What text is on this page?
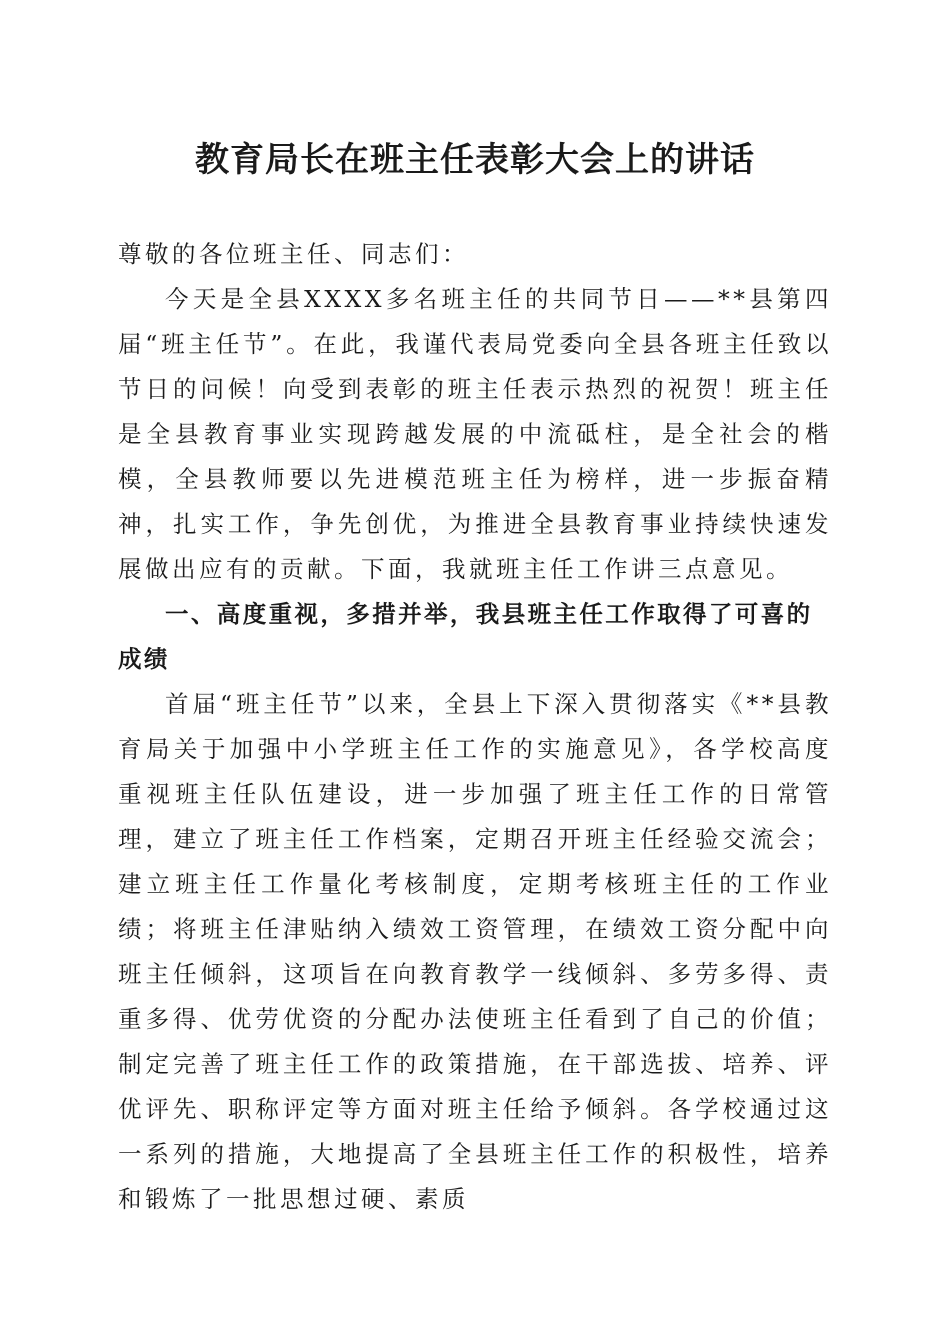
教育局长在班主任表彰大会上的讲话

尊敬的各位班主任、同志们：

今天是全县XXXX多名班主任的共同节日——**县第四届“班主任节”。在此，我谨代表局党委向全县各班主任致以节日的问候！向受到表彰的班主任表示热烈的祝贺！班主任是全县教育事业实现跨越发展的中流砥柱，是全社会的楷模，全县教师要以先进模范班主任为榜样，进一步振奋精神，扎实工作，争先创优，为推进全县教育事业持续快速发展做出应有的贡献。下面，我就班主任工作讲三点意见。

一、高度重视，多措并举，我县班主任工作取得了可喜的成绩

首届“班主任节”以来，全县上下深入贯彻落实《**县教育局关于加强中小学班主任工作的实施意见》，各学校高度重视班主任队伍建设，进一步加强了班主任工作的日常管理，建立了班主任工作档案，定期召开班主任经验交流会；建立班主任工作量化考核制度，定期考核班主任的工作业绩；将班主任津贴纳入绩效工资管理，在绩效工资分配中向班主任倾斜，这项旨在向教育教学一线倾斜、多劳多得、责重多得、优劳优资的分配办法使班主任看到了自己的价值；制定完善了班主任工作的政策措施，在干部选拔、培养、评优评先、职称评定等方面对班主任给予倾斜。各学校通过这一系列的措施，大地提高了全县班主任工作的积极性，培养和锻炼了一批思想过硬、素质
